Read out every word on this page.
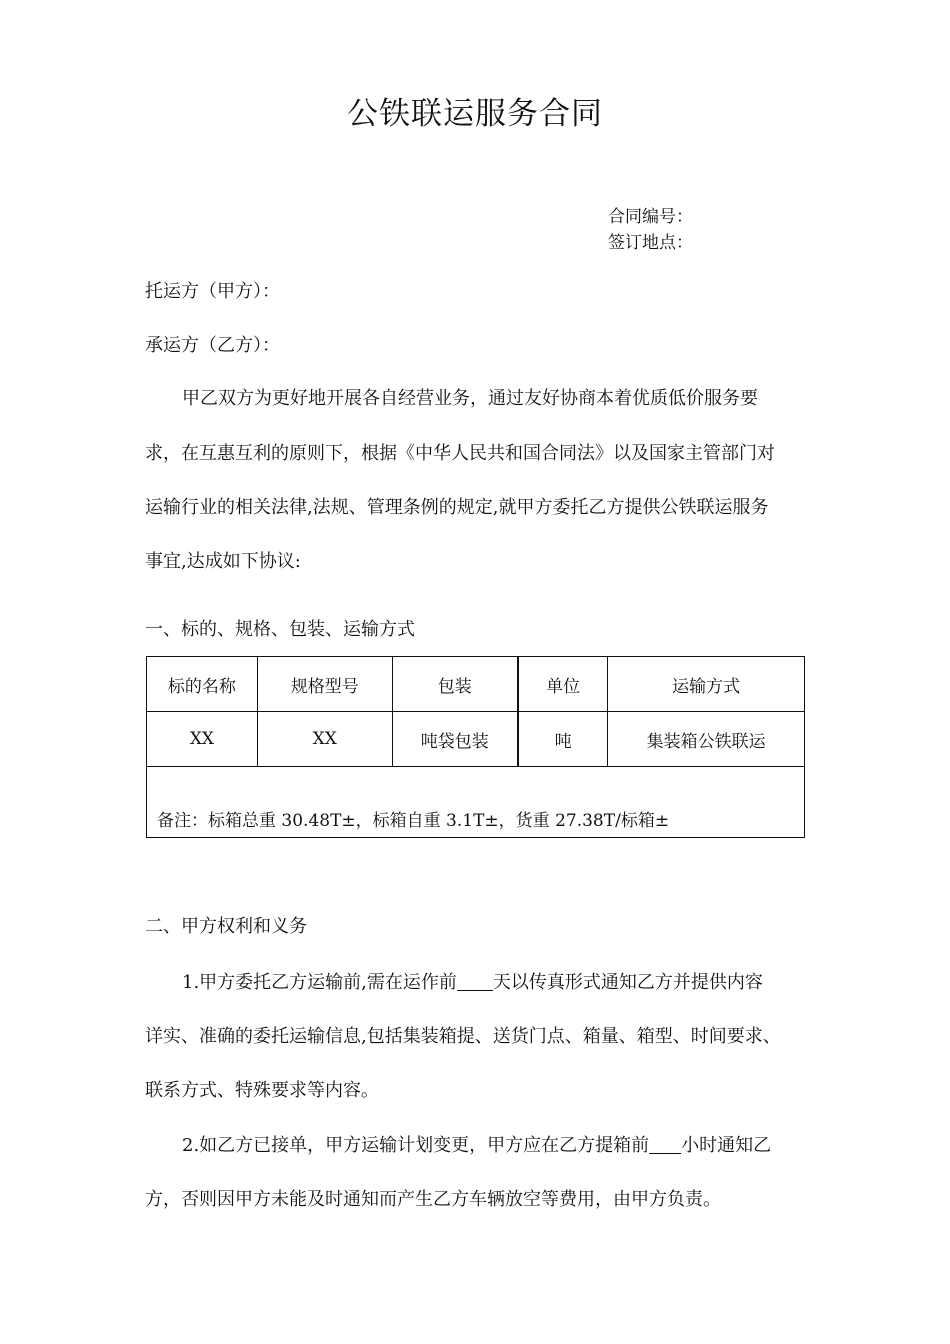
公铁联运服务合同
合同编号：
签订地点：
托运方（甲方）：
承运方（乙方）：
甲乙双方为更好地开展各自经营业务，通过友好协商本着优质低价服务要
求，在互惠互利的原则下，根据《中华人民共和国合同法》以及国家主管部门对
运输行业的相关法律,法规、管理条例的规定,就甲方委托乙方提供公铁联运服务
事宜,达成如下协议:
一、标的、规格、包装、运输方式
标的名称	规格型号	包装	单位	运输方式
XX	XX	吨袋包装	吨	集装箱公铁联运
备注：标箱总重 30.48T±，标箱自重 3.1T±，货重 27.38T/标箱±				
二、甲方权利和义务
1.甲方委托乙方运输前,需在运作前 天以传真形式通知乙方并提供内容
详实、准确的委托运输信息,包括集装箱提、送货门点、箱量、箱型、时间要求、
联系方式、特殊要求等内容。
2.如乙方已接单，甲方运输计划变更，甲方应在乙方提箱前 小时通知乙
方，否则因甲方未能及时通知而产生乙方车辆放空等费用，由甲方负责。
